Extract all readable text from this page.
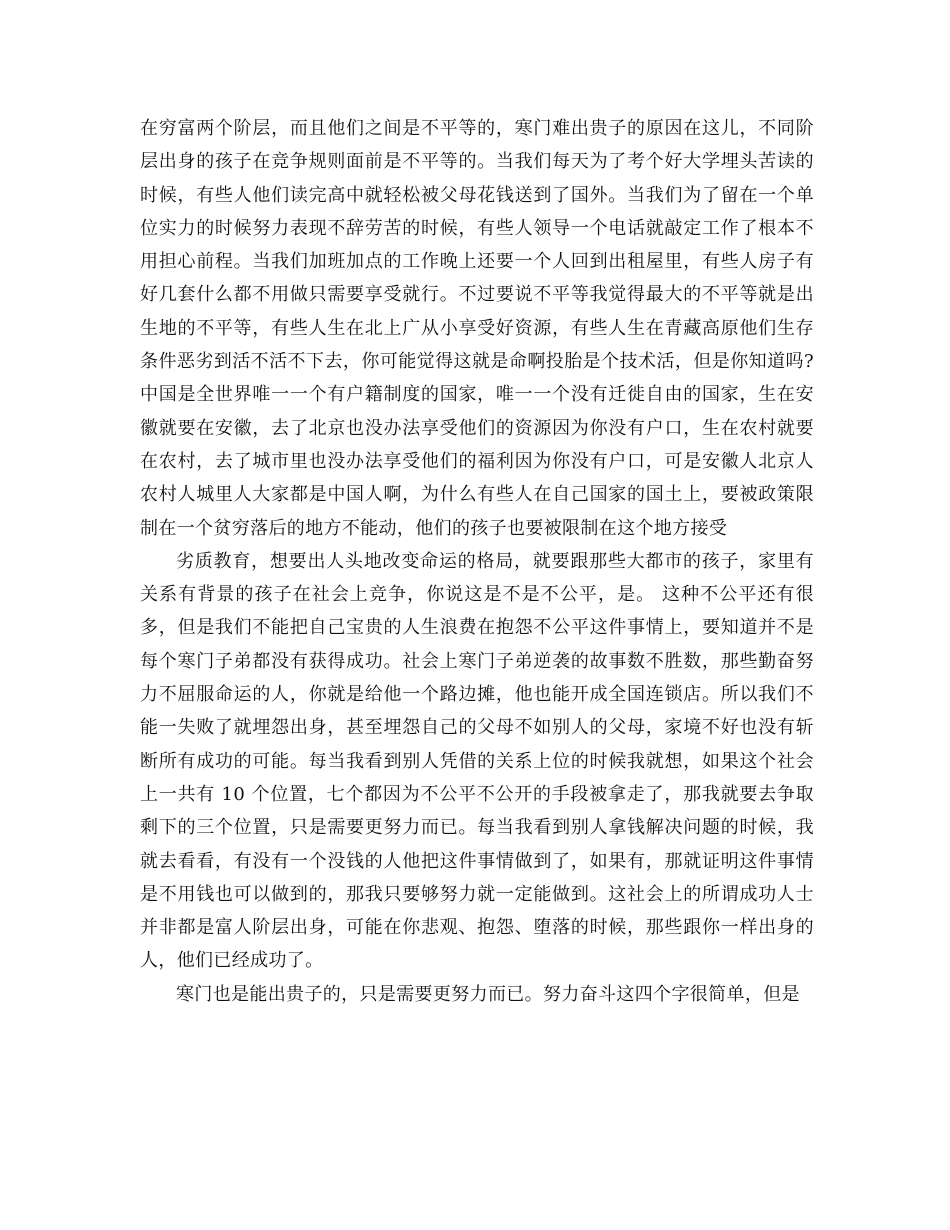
在穷富两个阶层，而且他们之间是不平等的，寒门难出贵子的原因在这儿，不同阶层出身的孩子在竞争规则面前是不平等的。当我们每天为了考个好大学埋头苦读的时候，有些人他们读完高中就轻松被父母花钱送到了国外。当我们为了留在一个单位实力的时候努力表现不辞劳苦的时候，有些人领导一个电话就敲定工作了根本不用担心前程。当我们加班加点的工作晚上还要一个人回到出租屋里，有些人房子有好几套什么都不用做只需要享受就行。不过要说不平等我觉得最大的不平等就是出生地的不平等，有些人生在北上广从小享受好资源，有些人生在青藏高原他们生存条件恶劣到活不活不下去，你可能觉得这就是命啊投胎是个技术活，但是你知道吗?中国是全世界唯一一个有户籍制度的国家，唯一一个没有迁徙自由的国家，生在安徽就要在安徽，去了北京也没办法享受他们的资源因为你没有户口，生在农村就要在农村，去了城市里也没办法享受他们的福利因为你没有户口，可是安徽人北京人农村人城里人大家都是中国人啊，为什么有些人在自己国家的国土上，要被政策限制在一个贫穷落后的地方不能动，他们的孩子也要被限制在这个地方接受

劣质教育，想要出人头地改变命运的格局，就要跟那些大都市的孩子，家里有关系有背景的孩子在社会上竞争，你说这是不是不公平，是。 这种不公平还有很多，但是我们不能把自己宝贵的人生浪费在抱怨不公平这件事情上，要知道并不是每个寒门子弟都没有获得成功。社会上寒门子弟逆袭的故事数不胜数，那些勤奋努力不屈服命运的人，你就是给他一个路边摊，他也能开成全国连锁店。所以我们不能一失败了就埋怨出身，甚至埋怨自己的父母不如别人的父母，家境不好也没有斩断所有成功的可能。每当我看到别人凭借的关系上位的时候我就想，如果这个社会上一共有 10 个位置，七个都因为不公平不公开的手段被拿走了，那我就要去争取剩下的三个位置，只是需要更努力而已。每当我看到别人拿钱解决问题的时候，我就去看看，有没有一个没钱的人他把这件事情做到了，如果有，那就证明这件事情是不用钱也可以做到的，那我只要够努力就一定能做到。这社会上的所谓成功人士并非都是富人阶层出身，可能在你悲观、抱怨、堕落的时候，那些跟你一样出身的人，他们已经成功了。

寒门也是能出贵子的，只是需要更努力而已。努力奋斗这四个字很简单，但是
